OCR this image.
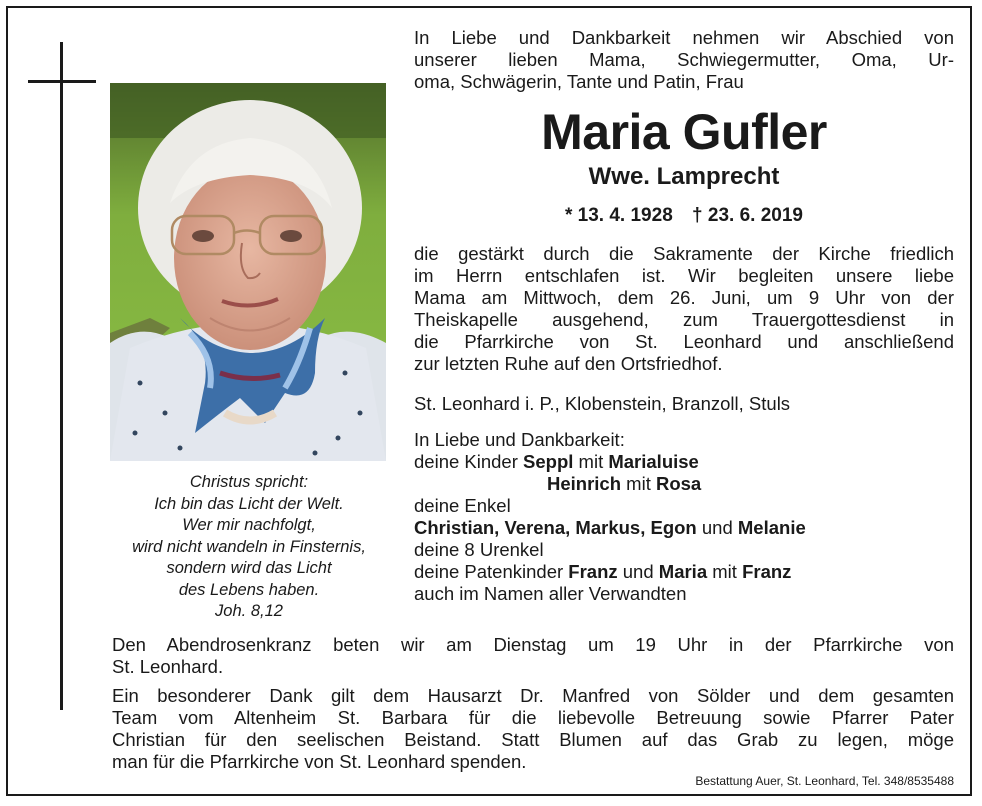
Christus spricht:
Ich bin das Licht der Welt.
Wer mir nachfolgt,
wird nicht wandeln in Finsternis,
sondern wird das Licht
des Lebens haben.
Joh. 8,12
In Liebe und Dankbarkeit nehmen wir Abschied von
unserer lieben Mama, Schwiegermutter, Oma, Ur-
oma, Schwägerin, Tante und Patin, Frau
Maria Gufler
Wwe. Lamprecht
* 13. 4. 1928 † 23. 6. 2019
die gestärkt durch die Sakramente der Kirche friedlich
im Herrn entschlafen ist. Wir begleiten unsere liebe
Mama am Mittwoch, dem 26. Juni, um 9 Uhr von der
Theiskapelle ausgehend, zum Trauergottesdienst in
die Pfarrkirche von St. Leonhard und anschließend
zur letzten Ruhe auf den Ortsfriedhof.
St. Leonhard i. P., Klobenstein, Branzoll, Stuls
In Liebe und Dankbarkeit:
deine Kinder Seppl mit Marialuise
Heinrich mit Rosa
deine Enkel
Christian, Verena, Markus, Egon und Melanie
deine 8 Urenkel
deine Patenkinder Franz und Maria mit Franz
auch im Namen aller Verwandten
Den Abendrosenkranz beten wir am Dienstag um 19 Uhr in der Pfarrkirche von
St. Leonhard.
Ein besonderer Dank gilt dem Hausarzt Dr. Manfred von Sölder und dem gesamten
Team vom Altenheim St. Barbara für die liebevolle Betreuung sowie Pfarrer Pater
Christian für den seelischen Beistand. Statt Blumen auf das Grab zu legen, möge
man für die Pfarrkirche von St. Leonhard spenden.
Bestattung Auer, St. Leonhard, Tel. 348/8535488
